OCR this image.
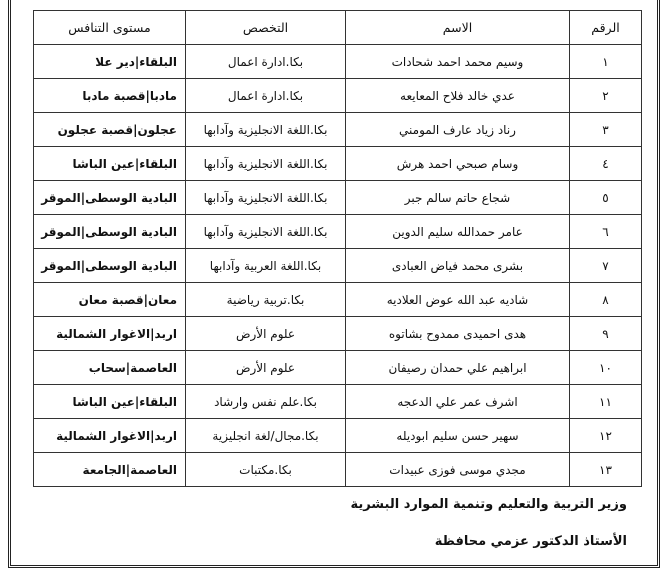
الرقم	الاسم	التخصص	مستوى التنافس
١	وسيم محمد احمد شحادات	بكا.ادارة اعمال	البلقاء|دير علا
٢	عدي خالد فلاح المعايعه	بكا.ادارة اعمال	مادبا|قصبة مادبا
٣	رناد زياد عارف المومني	بكا.اللغة الانجليزية وآدابها	عجلون|قصبة عجلون
٤	وسام صبحي احمد هرش	بكا.اللغة الانجليزية وآدابها	البلقاء|عين الباشا
٥	شجاع حاتم سالم جبر	بكا.اللغة الانجليزية وآدابها	البادية الوسطى|الموقر
٦	عامر حمدالله سليم الدوين	بكا.اللغة الانجليزية وآدابها	البادية الوسطى|الموقر
٧	بشرى محمد فياض العبادى	بكا.اللغة العربية وآدابها	البادية الوسطى|الموقر
٨	شاديه عبد الله عوض العلاديه	بكا.تربية رياضية	معان|قصبة معان
٩	هدى احميدى ممدوح بشاتوه	علوم الأرض	اربد|الاغوار الشمالية
١٠	ابراهيم علي حمدان رصيفان	علوم الأرض	العاصمة|سحاب
١١	اشرف عمر علي الدعجه	بكا.علم نفس وارشاد	البلقاء|عين الباشا
١٢	سهير حسن سليم ابوديله	بكا.مجال/لغة انجليزية	اربد|الاغوار الشمالية
١٣	مجدي موسى فوزى عبيدات	بكا.مكتبات	العاصمة|الجامعة
وزير التربية والتعليم وتنمية الموارد البشرية
الأستاذ الدكتور عزمي محافظة
